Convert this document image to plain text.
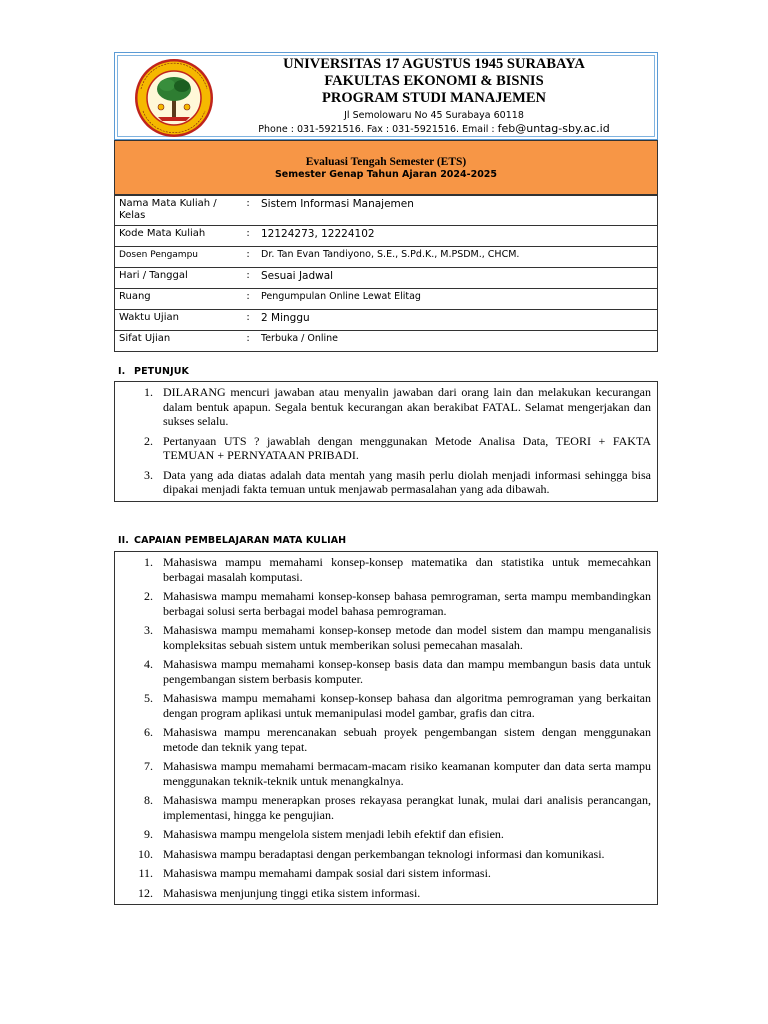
UNIVERSITAS 17 AGUSTUS 1945 SURABAYA
FAKULTAS EKONOMI & BISNIS
PROGRAM STUDI MANAJEMEN
Jl Semolowaru No 45 Surabaya 60118
Phone : 031-5921516. Fax : 031-5921516. Email : feb@untag-sby.ac.id
Evaluasi Tengah Semester (ETS)
Semester Genap Tahun Ajaran 2024-2025
Nama Mata Kuliah / Kelas	:	Sistem Informasi Manajemen
Kode Mata Kuliah	:	12124273, 12224102
Dosen Pengampu	:	Dr. Tan Evan Tandiyono, S.E., S.Pd.K., M.PSDM., CHCM.
Hari / Tanggal	:	Sesuai Jadwal
Ruang	:	Pengumpulan Online Lewat Elitag
Waktu Ujian	:	2 Minggu
Sifat Ujian	:	Terbuka / Online
I. PETUNJUK
1. DILARANG mencuri jawaban atau menyalin jawaban dari orang lain dan melakukan kecurangan dalam bentuk apapun. Segala bentuk kecurangan akan berakibat FATAL. Selamat mengerjakan dan sukses selalu.
2. Pertanyaan UTS ? jawablah dengan menggunakan Metode Analisa Data, TEORI + FAKTA TEMUAN + PERNYATAAN PRIBADI.
3. Data yang ada diatas adalah data mentah yang masih perlu diolah menjadi informasi sehingga bisa dipakai menjadi fakta temuan untuk menjawab permasalahan yang ada dibawah.
II. CAPAIAN PEMBELAJARAN MATA KULIAH
1. Mahasiswa mampu memahami konsep-konsep matematika dan statistika untuk memecahkan berbagai masalah komputasi.
2. Mahasiswa mampu memahami konsep-konsep bahasa pemrograman, serta mampu membandingkan berbagai solusi serta berbagai model bahasa pemrograman.
3. Mahasiswa mampu memahami konsep-konsep metode dan model sistem dan mampu menganalisis kompleksitas sebuah sistem untuk memberikan solusi pemecahan masalah.
4. Mahasiswa mampu memahami konsep-konsep basis data dan mampu membangun basis data untuk pengembangan sistem berbasis komputer.
5. Mahasiswa mampu memahami konsep-konsep bahasa dan algoritma pemrograman yang berkaitan dengan program aplikasi untuk memanipulasi model gambar, grafis dan citra.
6. Mahasiswa mampu merencanakan sebuah proyek pengembangan sistem dengan menggunakan metode dan teknik yang tepat.
7. Mahasiswa mampu memahami bermacam-macam risiko keamanan komputer dan data serta mampu menggunakan teknik-teknik untuk menangkalnya.
8. Mahasiswa mampu menerapkan proses rekayasa perangkat lunak, mulai dari analisis perancangan, implementasi, hingga ke pengujian.
9. Mahasiswa mampu mengelola sistem menjadi lebih efektif dan efisien.
10. Mahasiswa mampu beradaptasi dengan perkembangan teknologi informasi dan komunikasi.
11. Mahasiswa mampu memahami dampak sosial dari sistem informasi.
12. Mahasiswa menjunjung tinggi etika sistem informasi.
